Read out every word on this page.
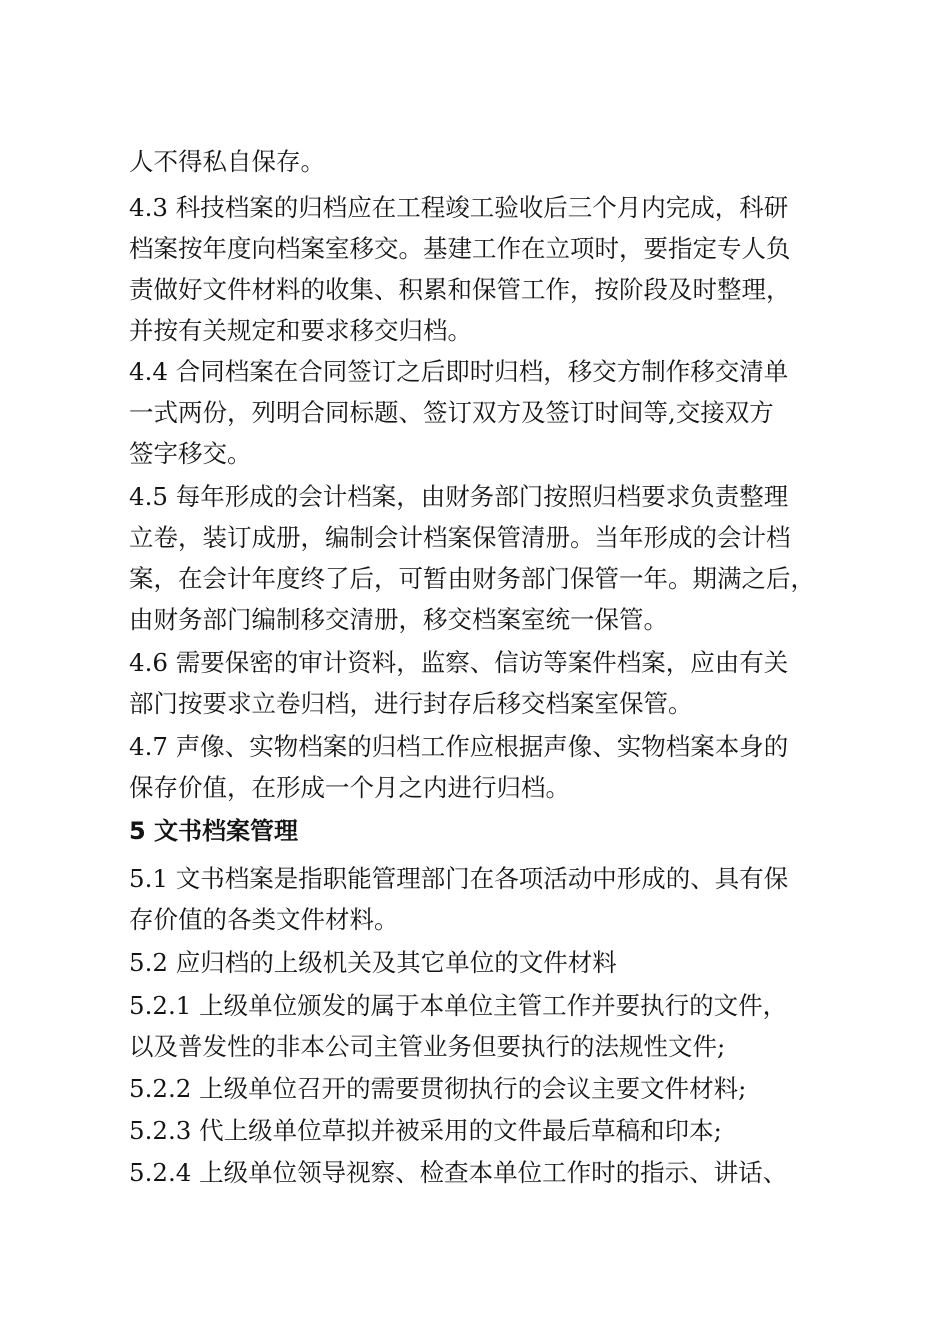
人不得私自保存。
4.3 科技档案的归档应在工程竣工验收后三个月内完成，科研
档案按年度向档案室移交。基建工作在立项时，要指定专人负
责做好文件材料的收集、积累和保管工作，按阶段及时整理，
并按有关规定和要求移交归档。
4.4 合同档案在合同签订之后即时归档，移交方制作移交清单
一式两份，列明合同标题、签订双方及签订时间等,交接双方
签字移交。
4.5 每年形成的会计档案，由财务部门按照归档要求负责整理
立卷，装订成册，编制会计档案保管清册。当年形成的会计档
案，在会计年度终了后，可暂由财务部门保管一年。期满之后，
由财务部门编制移交清册，移交档案室统一保管。
4.6 需要保密的审计资料，监察、信访等案件档案，应由有关
部门按要求立卷归档，进行封存后移交档案室保管。
4.7 声像、实物档案的归档工作应根据声像、实物档案本身的
保存价值，在形成一个月之内进行归档。
5 文书档案管理
5.1 文书档案是指职能管理部门在各项活动中形成的、具有保
存价值的各类文件材料。
5.2 应归档的上级机关及其它单位的文件材料
5.2.1 上级单位颁发的属于本单位主管工作并要执行的文件，
以及普发性的非本公司主管业务但要执行的法规性文件;
5.2.2 上级单位召开的需要贯彻执行的会议主要文件材料;
5.2.3 代上级单位草拟并被采用的文件最后草稿和印本;
5.2.4 上级单位领导视察、检查本单位工作时的指示、讲话、
